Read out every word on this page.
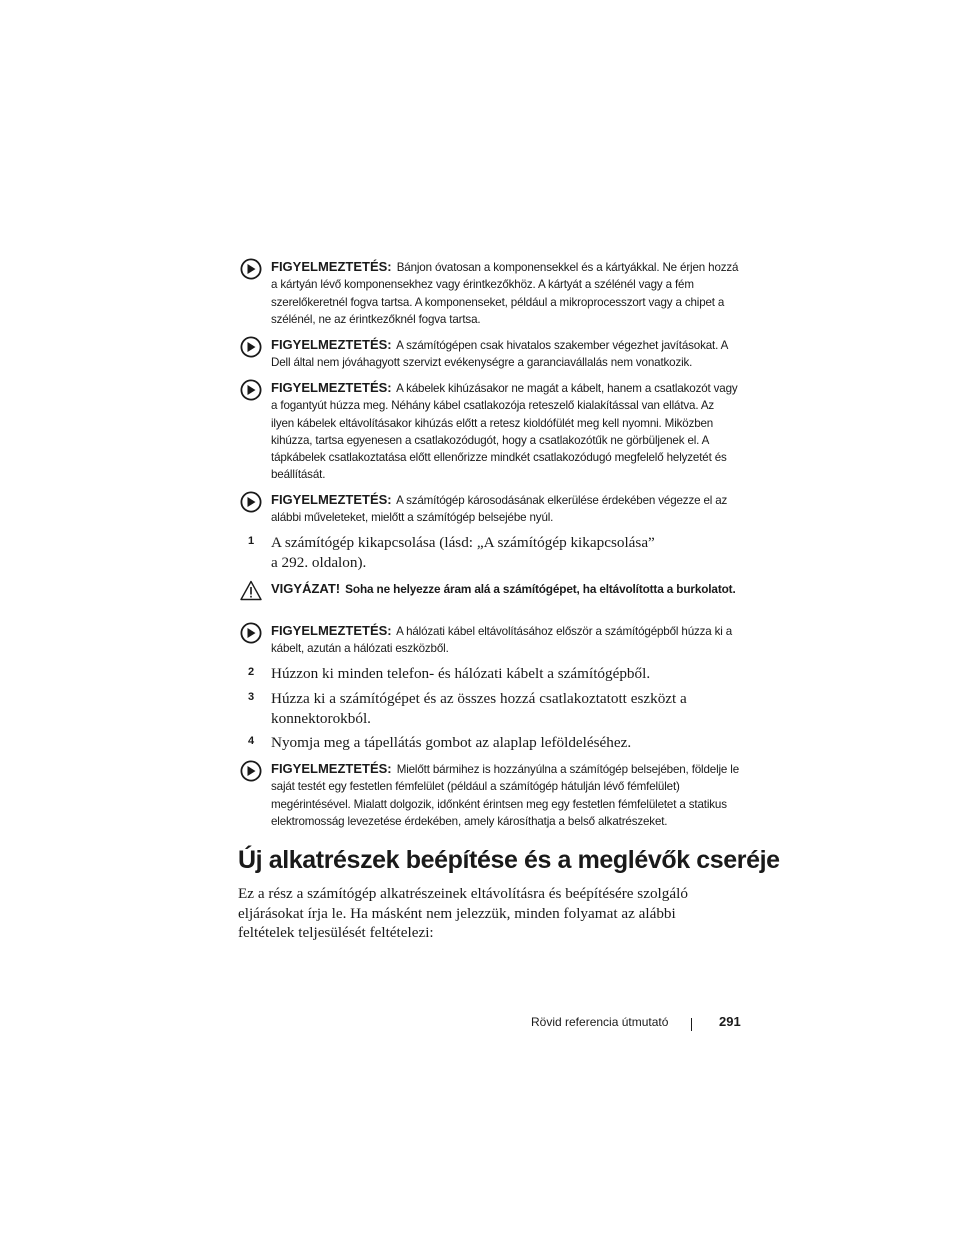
FIGYELMEZTETÉS: Bánjon óvatosan a komponensekkel és a kártyákkal. Ne érjen hozzá a kártyán lévő komponensekhez vagy érintkezőkhöz. A kártyát a szélénél vagy a fém szerelőkeretnél fogva tartsa. A komponenseket, például a mikroprocesszort vagy a chipet a szélénél, ne az érintkezőknél fogva tartsa.
FIGYELMEZTETÉS: A számítógépen csak hivatalos szakember végezhet javításokat. A Dell által nem jóváhagyott szervizt evékenységre a garanciavállalás nem vonatkozik.
FIGYELMEZTETÉS: A kábelek kihúzásakor ne magát a kábelt, hanem a csatlakozót vagy a fogantyút húzza meg. Néhány kábel csatlakozója reteszelő kialakítással van ellátva. Az ilyen kábelek eltávolításakor kihúzás előtt a retesz kioldófülét meg kell nyomni. Miközben kihúzza, tartsa egyenesen a csatlakozódugót, hogy a csatlakozótűk ne görbüljenek el. A tápkábelek csatlakoztatása előtt ellenőrizze mindkét csatlakozódugó megfelelő helyzetét és beállítását.
FIGYELMEZTETÉS: A számítógép károsodásának elkerülése érdekében végezze el az alábbi műveleteket, mielőtt a számítógép belsejébe nyúl.
1 A számítógép kikapcsolása (lásd: „A számítógép kikapcsolása” a 292. oldalon).
VIGYÁZAT! Soha ne helyezze áram alá a számítógépet, ha eltávolította a burkolatot.
FIGYELMEZTETÉS: A hálózati kábel eltávolításához először a számítógépből húzza ki a kábelt, azután a hálózati eszközből.
2 Húzzon ki minden telefon- és hálózati kábelt a számítógépből.
3 Húzza ki a számítógépet és az összes hozzá csatlakoztatott eszközt a konnektorokból.
4 Nyomja meg a tápellátás gombot az alaplap leföldeléséhez.
FIGYELMEZTETÉS: Mielőtt bármihez is hozzányúlna a számítógép belsejében, földelje le saját testét egy festetlen fémfelület (például a számítógép hátulján lévő fémfelület) megérintésével. Mialatt dolgozik, időnként érintsen meg egy festetlen fémfelületet a statikus elektromosság levezetése érdekében, amely károsíthatja a belső alkatrészeket.
Új alkatrészek beépítése és a meglévők cseréje

Ez a rész a számítógép alkatrészeinek eltávolításra és beépítésére szolgáló eljárásokat írja le. Ha másként nem jelezzük, minden folyamat az alábbi feltételek teljesülését feltételezi:

Rövid referencia útmutató	291
